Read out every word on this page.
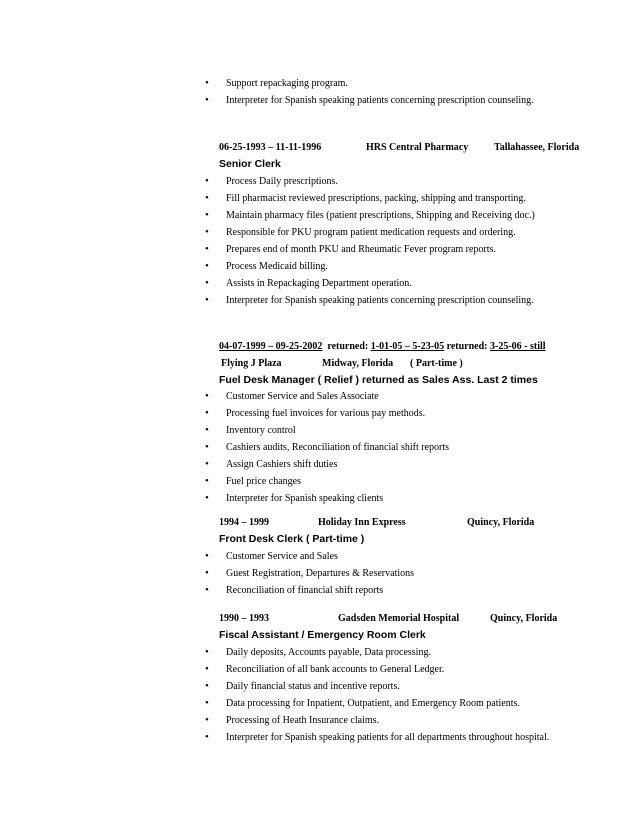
• Support repackaging program.
• Interpreter for Spanish speaking patients concerning prescription counseling.
06-25-1993 – 11-11-1996	HRS Central Pharmacy	Tallahassee, Florida
Senior Clerk
• Process Daily prescriptions.
• Fill pharmacist reviewed prescriptions, packing, shipping and transporting.
• Maintain pharmacy files (patient prescriptions, Shipping and Receiving doc.)
• Responsible for PKU program patient medication requests and ordering.
• Prepares end of month PKU and Rheumatic Fever program reports.
• Process Medicaid billing.
• Assists in Repackaging Department operation.
• Interpreter for Spanish speaking patients concerning prescription counseling.
04-07-1999 – 09-25-2002 returned: 1-01-05 – 5-23-05 returned: 3-25-06 - still
Flying J Plaza	Midway, Florida ( Part-time )
Fuel Desk Manager ( Relief ) returned as Sales Ass. Last 2 times
• Customer Service and Sales Associate
• Processing fuel invoices for various pay methods.
• Inventory control
• Cashiers audits, Reconciliation of financial shift reports
• Assign Cashiers shift duties
• Fuel price changes
• Interpreter for Spanish speaking clients
1994 – 1999	Holiday Inn Express	Quincy, Florida
Front Desk Clerk ( Part-time )
• Customer Service and Sales
• Guest Registration, Departures & Reservations
• Reconciliation of financial shift reports
1990 – 1993	Gadsden Memorial Hospital	Quincy, Florida
Fiscal Assistant / Emergency Room Clerk
• Daily deposits, Accounts payable, Data processing.
• Reconciliation of all bank accounts to General Ledger.
• Daily financial status and incentive reports.
• Data processing for Inpatient, Outpatient, and Emergency Room patients.
• Processing of Heath Insurance claims.
• Interpreter for Spanish speaking patients for all departments throughout hospital.
